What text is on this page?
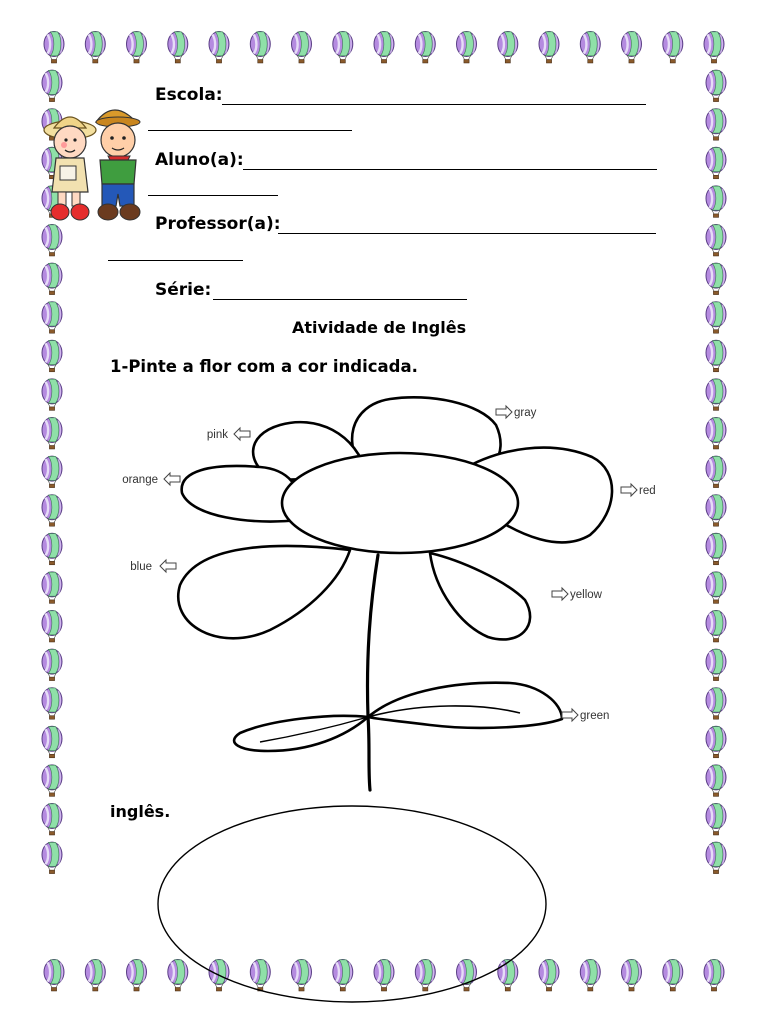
Escola:
Aluno(a):
Professor(a):
Série:
Atividade de Inglês
1-Pinte a flor com a cor indicada.
gray
pink
orange
red
blue
yellow
green
inglês.
